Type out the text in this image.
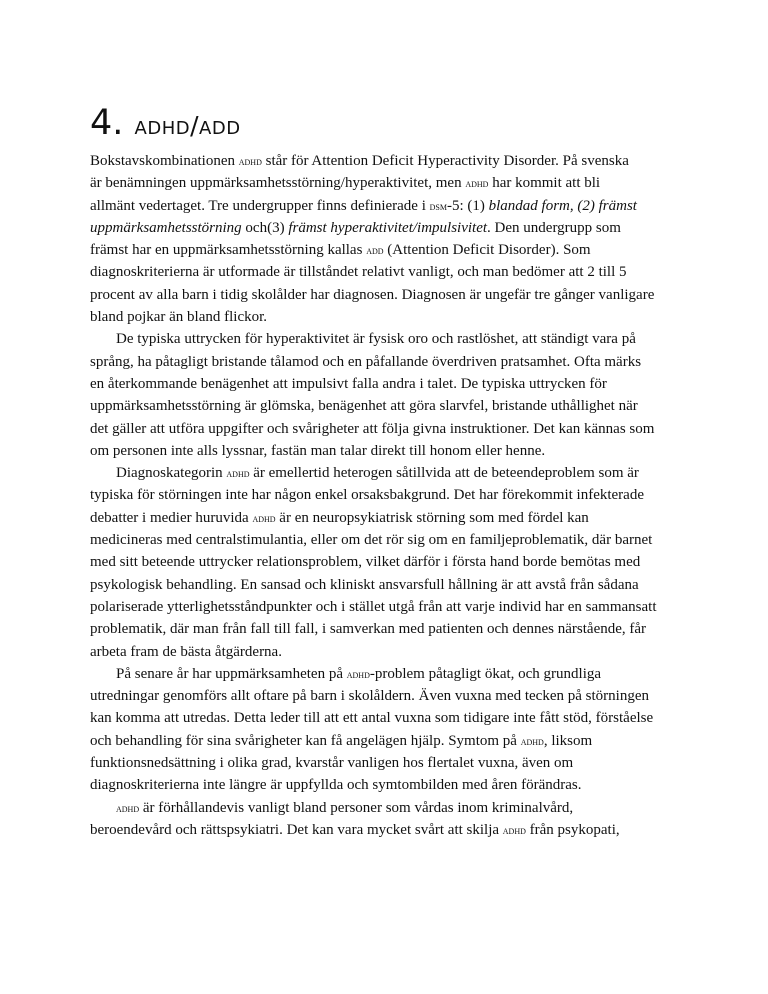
4. adhd/add
Bokstavskombinationen adhd står för Attention Deficit Hyperactivity Disorder. På svenska
är benämningen uppmärksamhetsstörning/hyperaktivitet, men adhd har kommit att bli
allmänt vedertaget. Tre undergrupper finns definierade i dsm-5: (1) blandad form, (2) främst
uppmärksamhetsstörning och(3) främst hyperaktivitet/impulsivitet. Den undergrupp som
främst har en uppmärksamhetsstörning kallas add (Attention Deficit Disorder). Som
diagnoskriterierna är utformade är tillståndet relativt vanligt, och man bedömer att 2 till 5
procent av alla barn i tidig skolålder har diagnosen. Diagnosen är ungefär tre gånger vanligare
bland pojkar än bland flickor.
De typiska uttrycken för hyperaktivitet är fysisk oro och rastlöshet, att ständigt vara på
språng, ha påtagligt bristande tålamod och en påfallande överdriven pratsamhet. Ofta märks
en återkommande benägenhet att impulsivt falla andra i talet. De typiska uttrycken för
uppmärksamhetsstörning är glömska, benägenhet att göra slarvfel, bristande uthållighet när
det gäller att utföra uppgifter och svårigheter att följa givna instruktioner. Det kan kännas som
om personen inte alls lyssnar, fastän man talar direkt till honom eller henne.
Diagnoskategorin adhd är emellertid heterogen såtillvida att de beteendeproblem som är
typiska för störningen inte har någon enkel orsaksbakgrund. Det har förekommit infekterade
debatter i medier huruvida adhd är en neuropsykiatrisk störning som med fördel kan
medicineras med centralstimulantia, eller om det rör sig om en familjeproblematik, där barnet
med sitt beteende uttrycker relationsproblem, vilket därför i första hand borde bemötas med
psykologisk behandling. En sansad och kliniskt ansvarsfull hållning är att avstå från sådana
polariserade ytterlighetsståndpunkter och i stället utgå från att varje individ har en sammansatt
problematik, där man från fall till fall, i samverkan med patienten och dennes närstående, får
arbeta fram de bästa åtgärderna.
På senare år har uppmärksamheten på adhd-problem påtagligt ökat, och grundliga
utredningar genomförs allt oftare på barn i skolåldern. Även vuxna med tecken på störningen
kan komma att utredas. Detta leder till att ett antal vuxna som tidigare inte fått stöd, förståelse
och behandling för sina svårigheter kan få angelägen hjälp. Symtom på adhd, liksom
funktionsnedsättning i olika grad, kvarstår vanligen hos flertalet vuxna, även om
diagnoskriterierna inte längre är uppfyllda och symtombilden med åren förändras.
adhd är förhållandevis vanligt bland personer som vårdas inom kriminalvård,
beroendevård och rättspsykiatri. Det kan vara mycket svårt att skilja adhd från psykopati,
